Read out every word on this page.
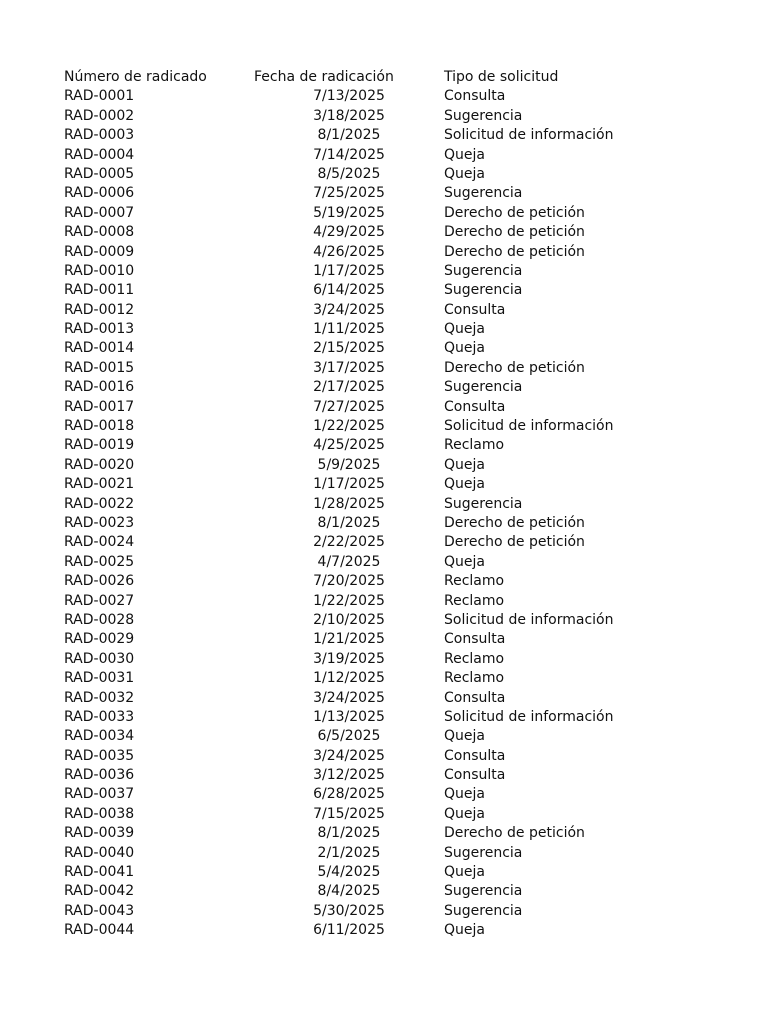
Número de radicado	Fecha de radicación	Tipo de solicitud
RAD-0001	7/13/2025	Consulta
RAD-0002	3/18/2025	Sugerencia
RAD-0003	8/1/2025	Solicitud de información
RAD-0004	7/14/2025	Queja
RAD-0005	8/5/2025	Queja
RAD-0006	7/25/2025	Sugerencia
RAD-0007	5/19/2025	Derecho de petición
RAD-0008	4/29/2025	Derecho de petición
RAD-0009	4/26/2025	Derecho de petición
RAD-0010	1/17/2025	Sugerencia
RAD-0011	6/14/2025	Sugerencia
RAD-0012	3/24/2025	Consulta
RAD-0013	1/11/2025	Queja
RAD-0014	2/15/2025	Queja
RAD-0015	3/17/2025	Derecho de petición
RAD-0016	2/17/2025	Sugerencia
RAD-0017	7/27/2025	Consulta
RAD-0018	1/22/2025	Solicitud de información
RAD-0019	4/25/2025	Reclamo
RAD-0020	5/9/2025	Queja
RAD-0021	1/17/2025	Queja
RAD-0022	1/28/2025	Sugerencia
RAD-0023	8/1/2025	Derecho de petición
RAD-0024	2/22/2025	Derecho de petición
RAD-0025	4/7/2025	Queja
RAD-0026	7/20/2025	Reclamo
RAD-0027	1/22/2025	Reclamo
RAD-0028	2/10/2025	Solicitud de información
RAD-0029	1/21/2025	Consulta
RAD-0030	3/19/2025	Reclamo
RAD-0031	1/12/2025	Reclamo
RAD-0032	3/24/2025	Consulta
RAD-0033	1/13/2025	Solicitud de información
RAD-0034	6/5/2025	Queja
RAD-0035	3/24/2025	Consulta
RAD-0036	3/12/2025	Consulta
RAD-0037	6/28/2025	Queja
RAD-0038	7/15/2025	Queja
RAD-0039	8/1/2025	Derecho de petición
RAD-0040	2/1/2025	Sugerencia
RAD-0041	5/4/2025	Queja
RAD-0042	8/4/2025	Sugerencia
RAD-0043	5/30/2025	Sugerencia
RAD-0044	6/11/2025	Queja
